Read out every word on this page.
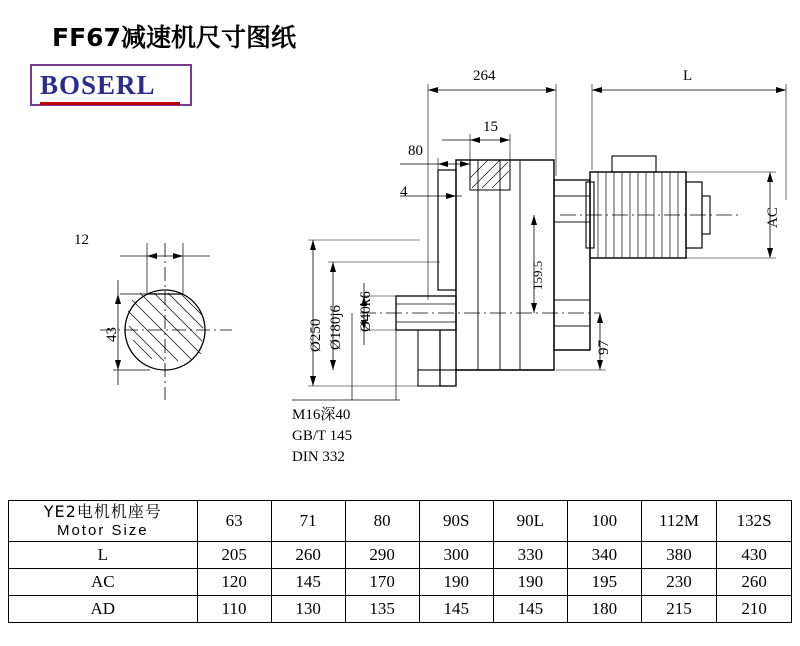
FF67减速机尺寸图纸
BOSERL
12
43
264	L
15
80
4
AC
159.5
97
Ø250 Ø180j6 Ø40k6
M16深40
GB/T 145
DIN 332
YE2电机机座号
Motor Size	63	71	80	90S	90L	100	112M	132S
L	205	260	290	300	330	340	380	430
AC	120	145	170	190	190	195	230	260
AD	110	130	135	145	145	180	215	210
